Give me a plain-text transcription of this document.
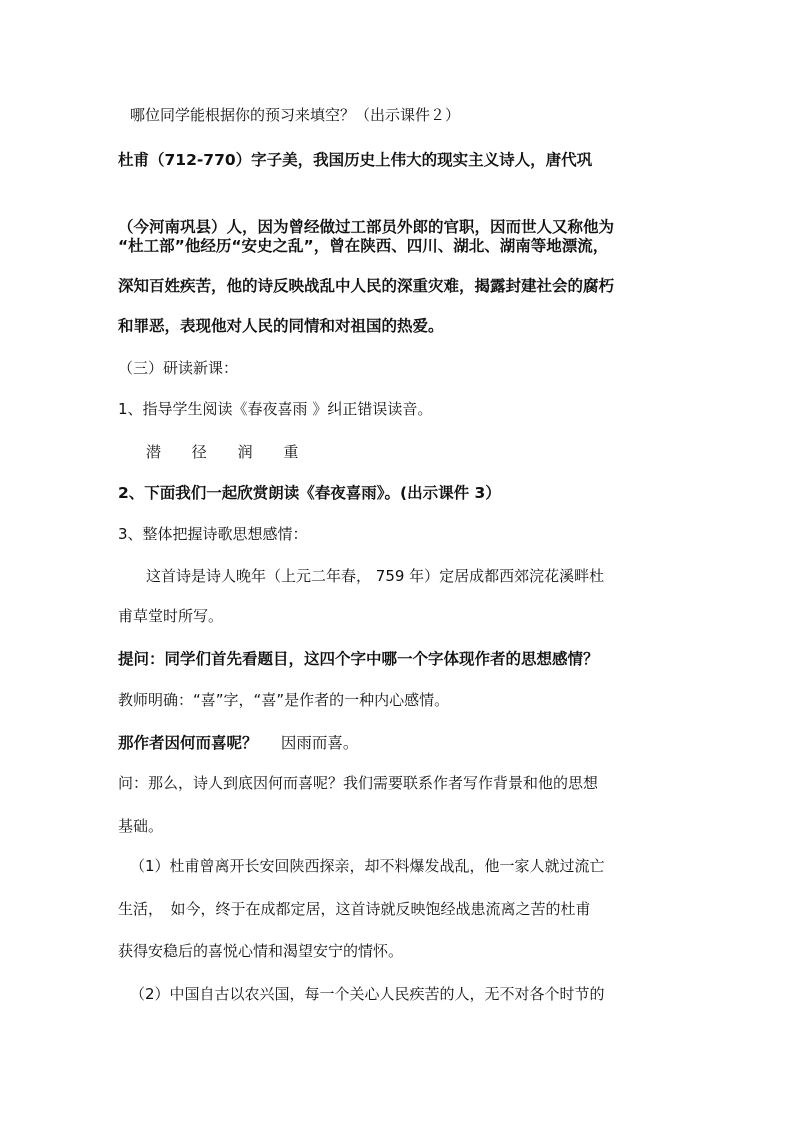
哪位同学能根据你的预习来填空？（出示课件２）
杜甫（712-770）字子美，我国历史上伟大的现实主义诗人，唐代巩
（今河南巩县）人，因为曾经做过工部员外郎的官职，因而世人又称他为
“杜工部”他经历“安史之乱”，曾在陕西、四川、湖北、湖南等地漂流，
深知百姓疾苦，他的诗反映战乱中人民的深重灾难，揭露封建社会的腐朽
和罪恶，表现他对人民的同情和对祖国的热爱。
（三）研读新课：
1、指导学生阅读《春夜喜雨 》纠正错误读音。
潜 径 润 重
2、下面我们一起欣赏朗读《春夜喜雨》。(出示课件 3）
3、整体把握诗歌思想感情：
这首诗是诗人晚年（上元二年春， 759 年）定居成都西郊浣花溪畔杜
甫草堂时所写。
提问：同学们首先看题目，这四个字中哪一个字体现作者的思想感情？
教师明确：“喜”字，“喜”是作者的一种内心感情。
那作者因何而喜呢？ 因雨而喜。
问：那么，诗人到底因何而喜呢？我们需要联系作者写作背景和他的思想
基础。
（1）杜甫曾离开长安回陕西探亲，却不料爆发战乱，他一家人就过流亡
生活，　如今，终于在成都定居，这首诗就反映饱经战患流离之苦的杜甫
获得安稳后的喜悦心情和渴望安宁的情怀。
（2）中国自古以农兴国，每一个关心人民疾苦的人，无不对各个时节的
